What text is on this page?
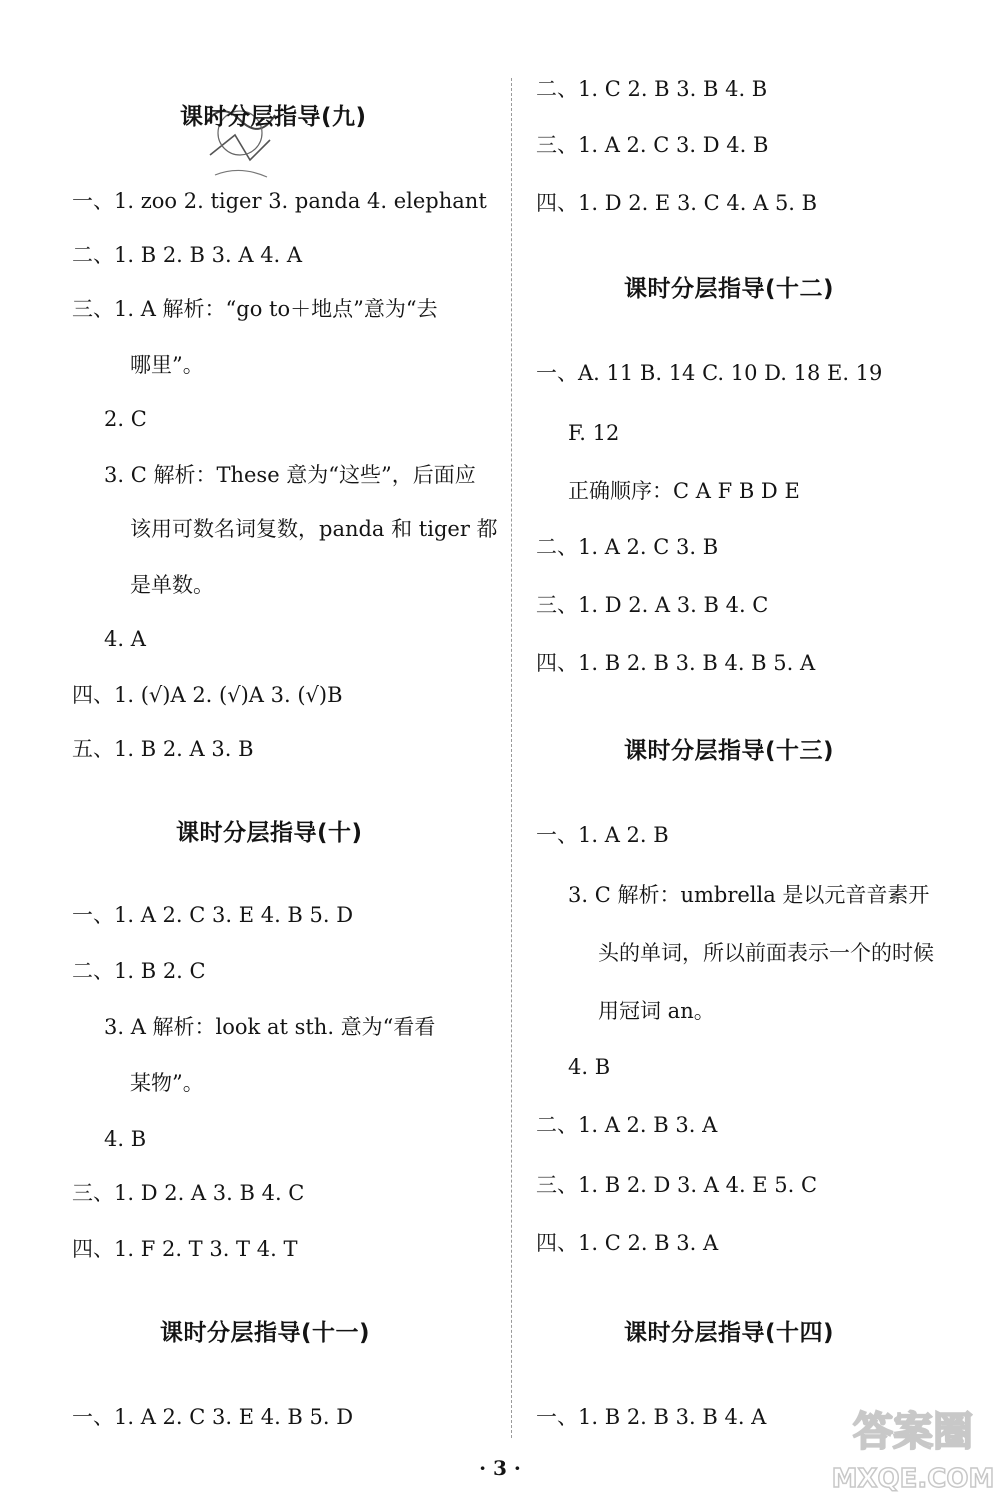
课时分层指导(九)
一、1. zoo 2. tiger 3. panda 4. elephant
二、1. B 2. B 3. A 4. A
三、1. A 解析：“go to＋地点”意为“去
哪里”。
2. C
3. C 解析：These 意为“这些”，后面应
该用可数名词复数，panda 和 tiger 都
是单数。
4. A
四、1. (√)A 2. (√)A 3. (√)B
五、1. B 2. A 3. B
课时分层指导(十)
一、1. A 2. C 3. E 4. B 5. D
二、1. B 2. C
3. A 解析：look at sth. 意为“看看
某物”。
4. B
三、1. D 2. A 3. B 4. C
四、1. F 2. T 3. T 4. T
课时分层指导(十一)
一、1. A 2. C 3. E 4. B 5. D
二、1. C 2. B 3. B 4. B
三、1. A 2. C 3. D 4. B
四、1. D 2. E 3. C 4. A 5. B
课时分层指导(十二)
一、A. 11 B. 14 C. 10 D. 18 E. 19
F. 12
正确顺序：C A F B D E
二、1. A 2. C 3. B
三、1. D 2. A 3. B 4. C
四、1. B 2. B 3. B 4. B 5. A
课时分层指导(十三)
一、1. A 2. B
3. C 解析：umbrella 是以元音音素开
头的单词，所以前面表示一个的时候
用冠词 an。
4. B
二、1. A 2. B 3. A
三、1. B 2. D 3. A 4. E 5. C
四、1. C 2. B 3. A
课时分层指导(十四)
一、1. B 2. B 3. B 4. A
· 3 ·
答案圈
MXQE.COM
